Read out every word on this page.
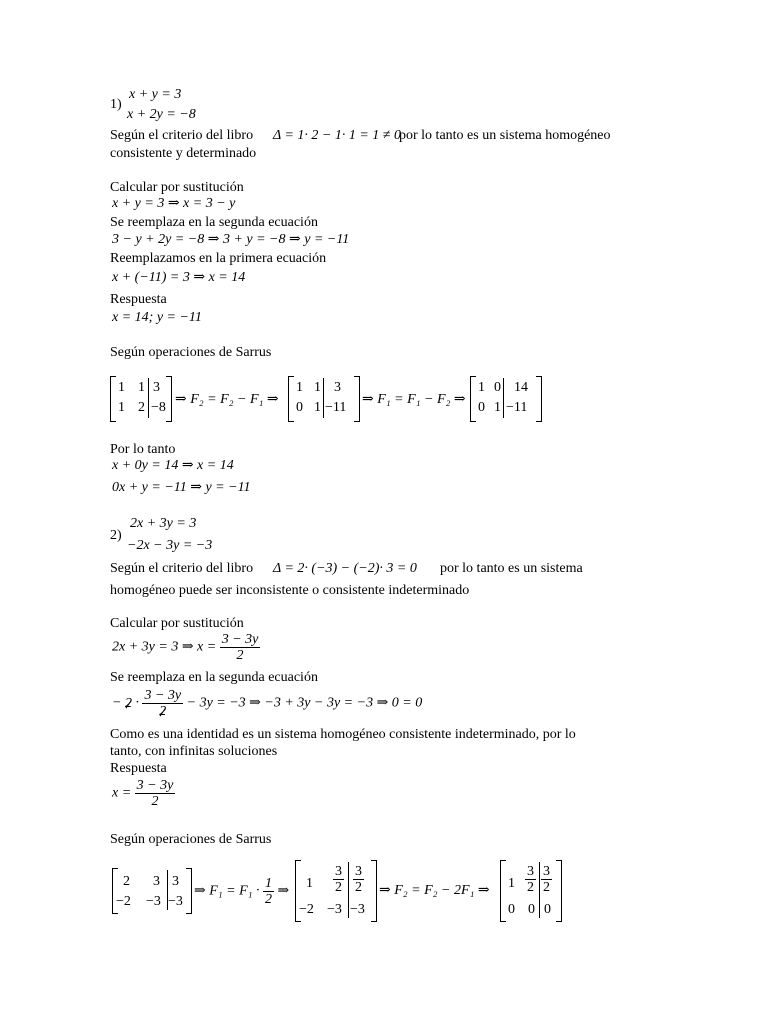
1)
x + y = 3
x + 2y = −8
Según el criterio del libro Δ = 1· 2 − 1· 1 = 1 ≠ 0
por lo tanto es un sistema homogéneo
consistente y determinado
Calcular por sustitución
x + y = 3 ⇒ x = 3 − y
Se reemplaza en la segunda ecuación
3 − y + 2y = −8 ⇒ 3 + y = −8 ⇒ y = −11
Reemplazamos en la primera ecuación
x + (−11) = 3 ⇒ x = 14
Respuesta
x = 14; y = −11
Según operaciones de Sarrus
1 1 3
1 2 −8
⇒ F₂ = F₂ − F₁ ⇒
1 1 3
0 1 −11
⇒ F₁ = F₁ − F₂ ⇒
1 0 14
0 1 −11
Por lo tanto
x + 0y = 14 ⇒ x = 14
0x + y = −11 ⇒ y = −11
2)
2x + 3y = 3
−2x − 3y = −3
Según el criterio del libro Δ = 2· (−3) − (−2)· 3 = 0 por lo tanto es un sistema
homogéneo puede ser inconsistente o consistente indeterminado
Calcular por sustitución
2x + 3y = 3 ⇒ $x = \frac{3 - 3y}{2}$
Se reemplaza en la segunda ecuación
− $2 \cdot \frac{3 - 3y}{2} - 3y = -3$ ⇒ −3 + 3y − 3y = −3 ⇒ 0 = 0
Como es una identidad es un sistema homogéneo consistente indeterminado, por lo
tanto, con infinitas soluciones
Respuesta
$x = \frac{3 - 3y}{2}$
Según operaciones de Sarrus
2 3 3
−2 −3 −3
⇒ $F_1 = F_1 \cdot \frac{1}{2}$ ⇒
$1 \frac{3}{2} \frac{3}{2}$
−2 −3 −3
⇒ F₂ = F₂ − 2F₁ ⇒ $1 \frac{3}{2} \frac{3}{2}$
0 0 0
